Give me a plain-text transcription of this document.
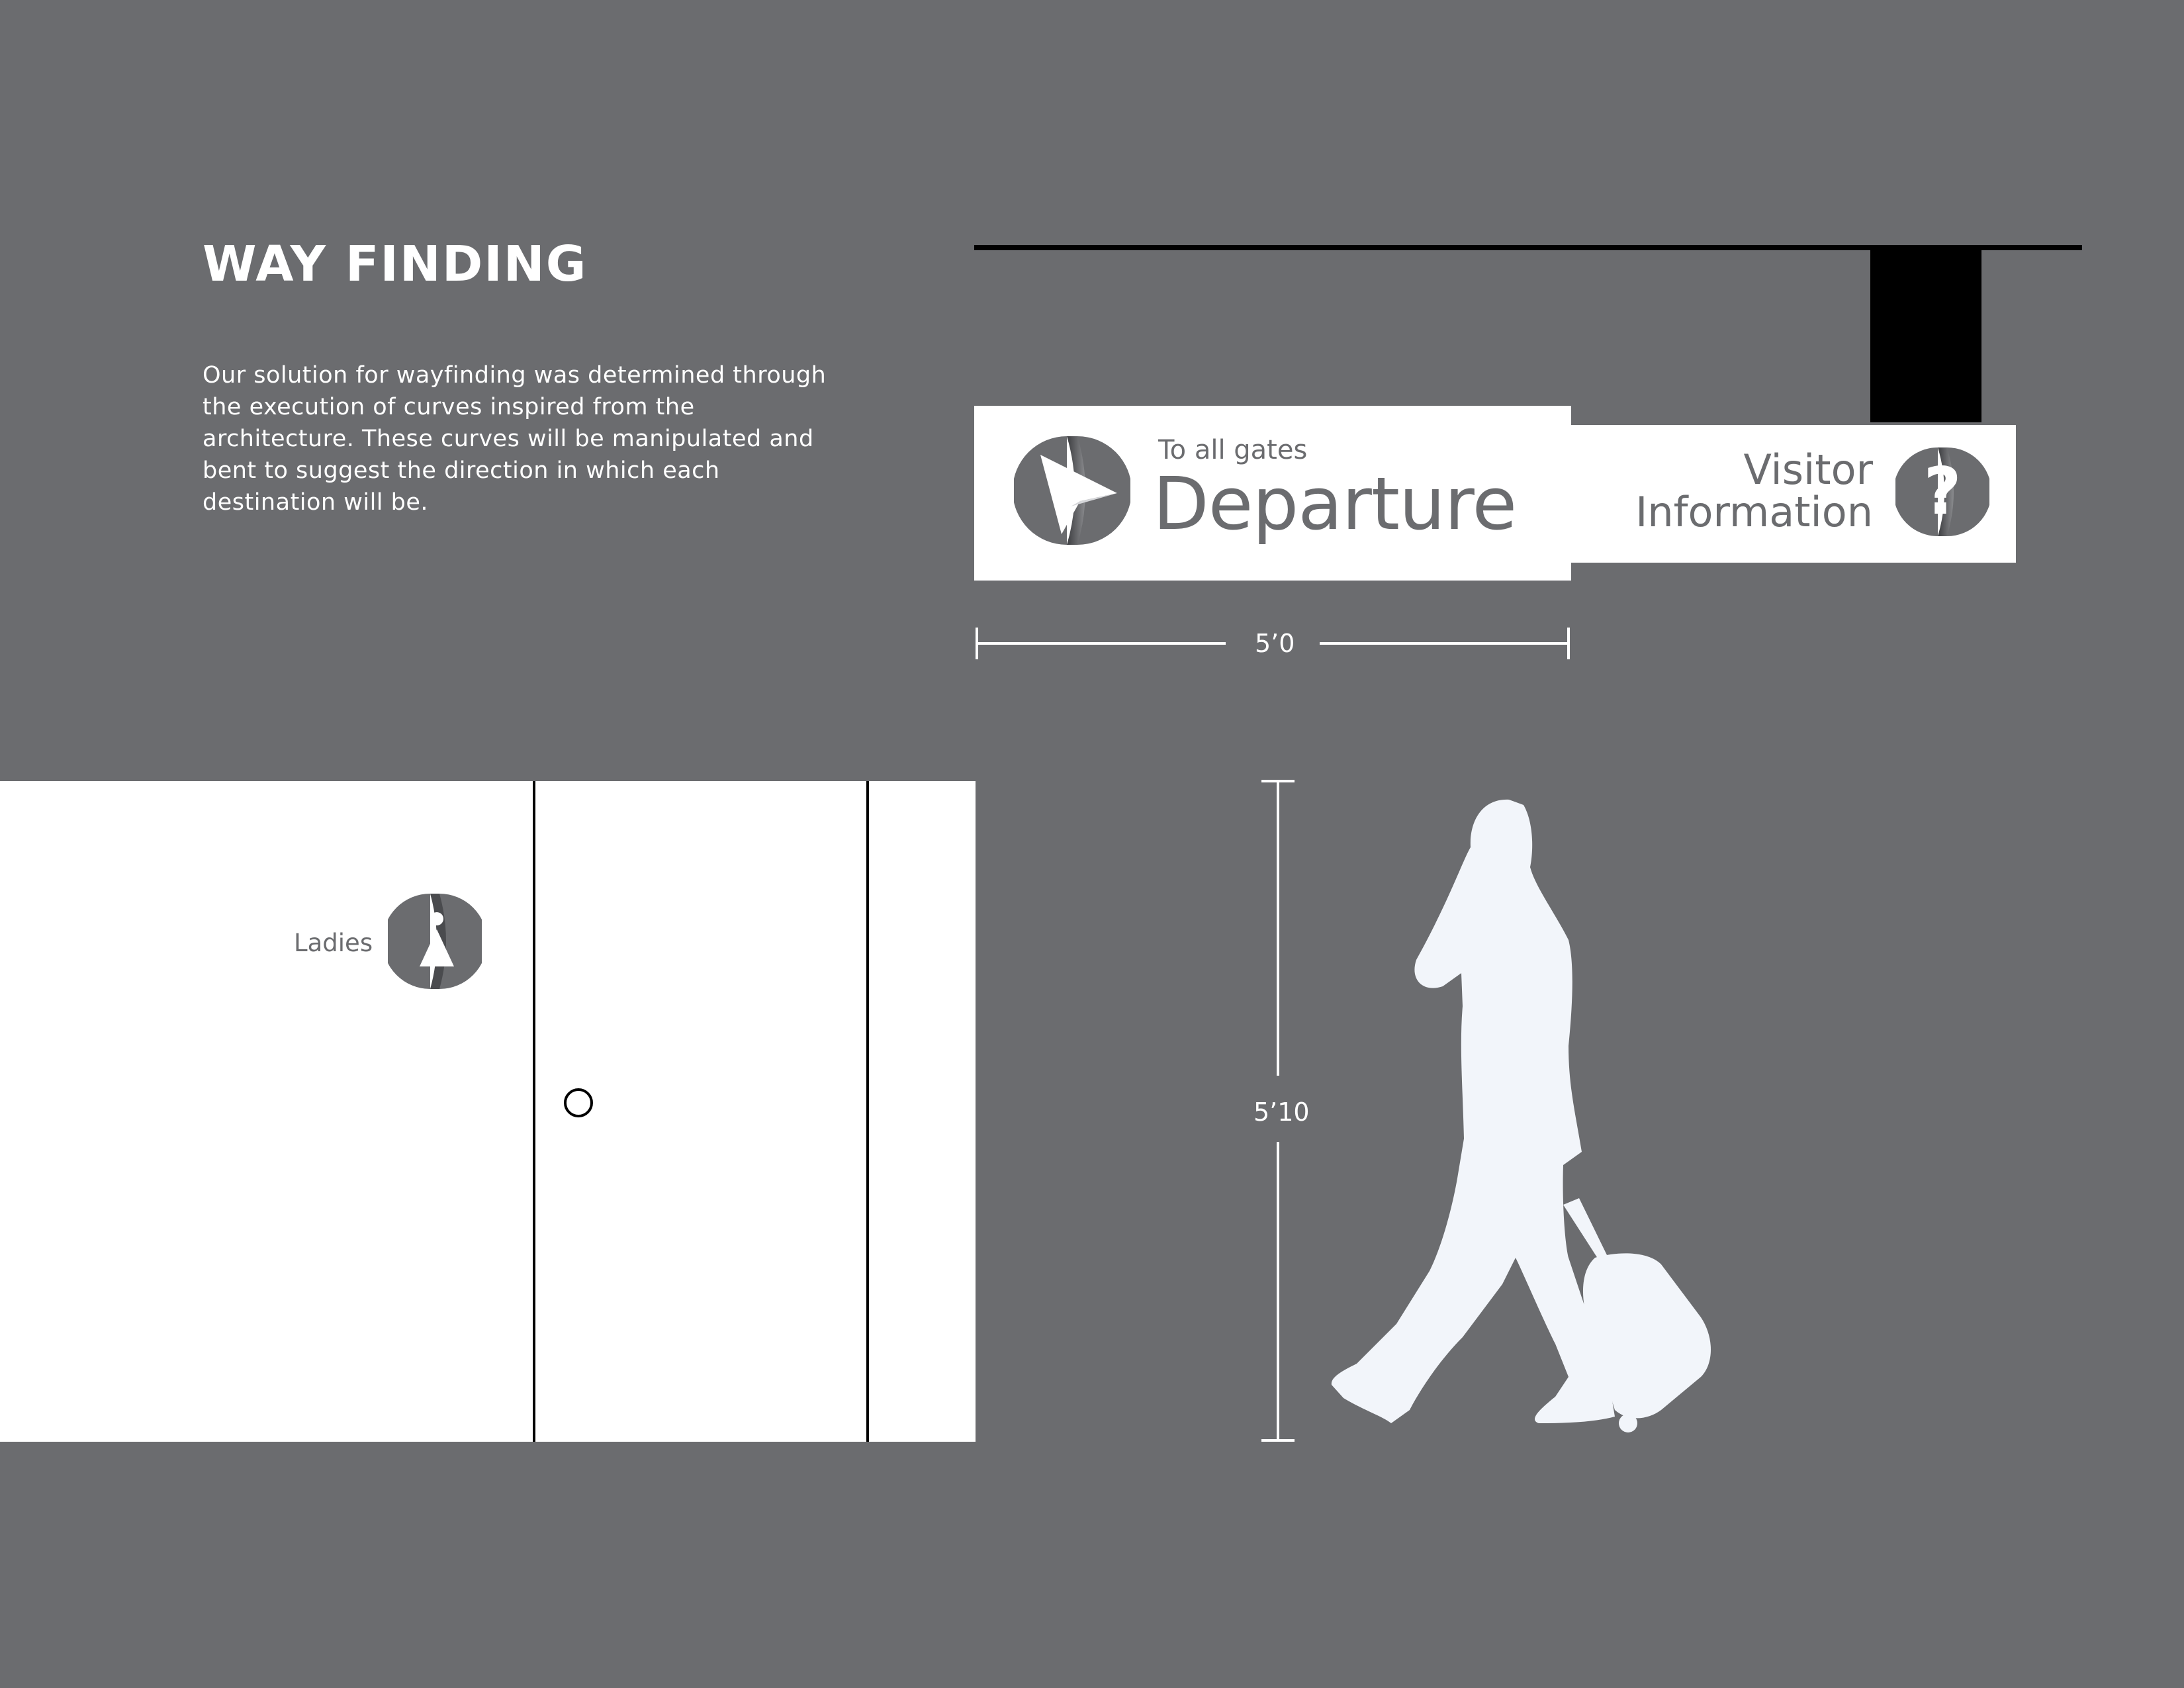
WAY FINDING
Our solution for wayfinding was determined through the execution of curves inspired from the architecture. These curves will be manipulated and bent to suggest the direction in which each destination will be.
To all gates
Departure	Visitor
Information ?
5’0
5’10
Ladies
